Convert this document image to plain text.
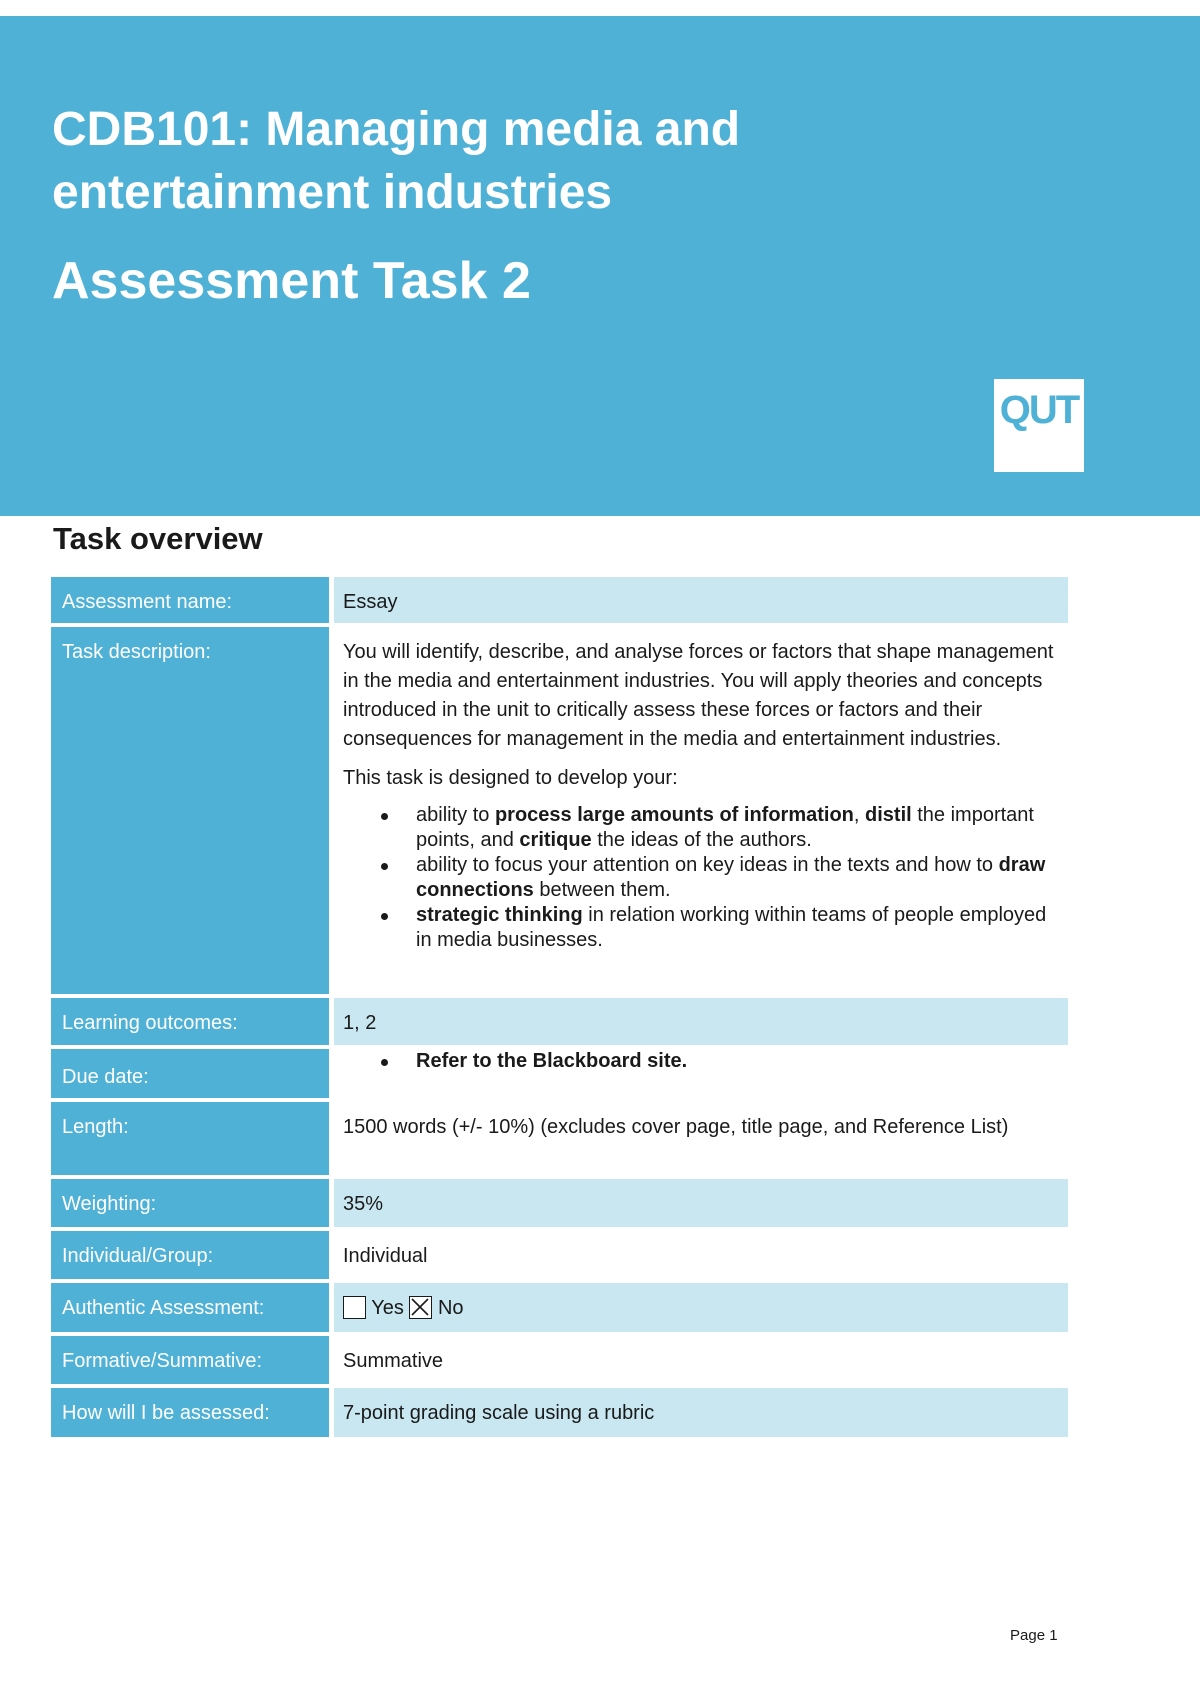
CDB101: Managing media and entertainment industries
Assessment Task 2
QUT
Task overview
Assessment name:	Essay
Task description:	You will identify, describe, and analyse forces or factors that shape management in the media and entertainment industries. You will apply theories and concepts introduced in the unit to critically assess these forces or factors and their consequences for management in the media and entertainment industries.

This task is designed to develop your:

ability to process large amounts of information, distil the important points, and critique the ideas of the authors.
ability to focus your attention on key ideas in the texts and how to draw connections between them.
strategic thinking in relation working within teams of people employed in media businesses.
Learning outcomes:	1, 2
Due date:
Refer to the Blackboard site.
Length:	1500 words (+/- 10%) (excludes cover page, title page, and Reference List)
Weighting:	35%
Individual/Group:	Individual
Authentic Assessment:	Yes No
Formative/Summative:	Summative
How will I be assessed:	7-point grading scale using a rubric
Page 1
